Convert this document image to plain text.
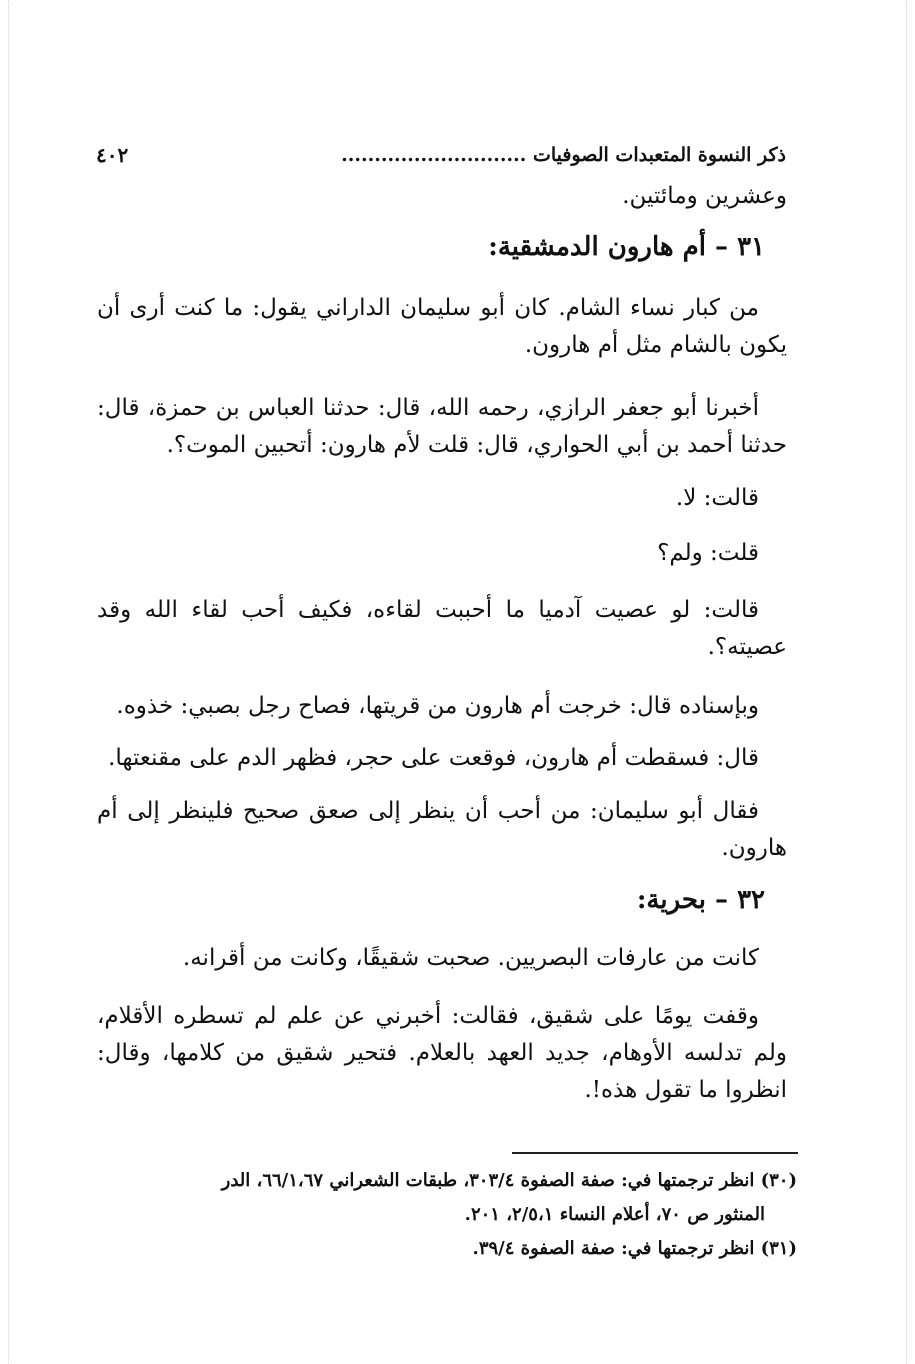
ذكر النسوة المتعبدات الصوفيات ............................
٤٠٢
وعشرين ومائتين.
٣١ – أم هارون الدمشقية:
من كبار نساء الشام. كان أبو سليمان الداراني يقول: ما كنت أرى أن يكون بالشام مثل أم هارون.
أخبرنا أبو جعفر الرازي، رحمه الله، قال: حدثنا العباس بن حمزة، قال: حدثنا أحمد بن أبي الحواري، قال: قلت لأم هارون: أتحبين الموت؟.
قالت: لا.
قلت: ولم؟
قالت: لو عصيت آدميا ما أحببت لقاءه، فكيف أحب لقاء الله وقد عصيته؟.
وبإسناده قال: خرجت أم هارون من قريتها، فصاح رجل بصبي: خذوه.
قال: فسقطت أم هارون، فوقعت على حجر، فظهر الدم على مقنعتها.
فقال أبو سليمان: من أحب أن ينظر إلى صعق صحيح فلينظر إلى أم هارون.
٣٢ – بحرية:
كانت من عارفات البصريين. صحبت شقيقًا، وكانت من أقرانه.
وقفت يومًا على شقيق، فقالت: أخبرني عن علم لم تسطره الأقلام، ولم تدلسه الأوهام، جديد العهد بالعلام. فتحير شقيق من كلامها، وقال: انظروا ما تقول هذه!.

(٣٠) انظر ترجمتها في: صفة الصفوة ٣٠٣/٤، طبقات الشعراني ٦٦/١،٦٧، الدر

المنثور ص ٧٠، أعلام النساء ٢/٥،١، ٢٠١.

(٣١) انظر ترجمتها في: صفة الصفوة ٣٩/٤.
